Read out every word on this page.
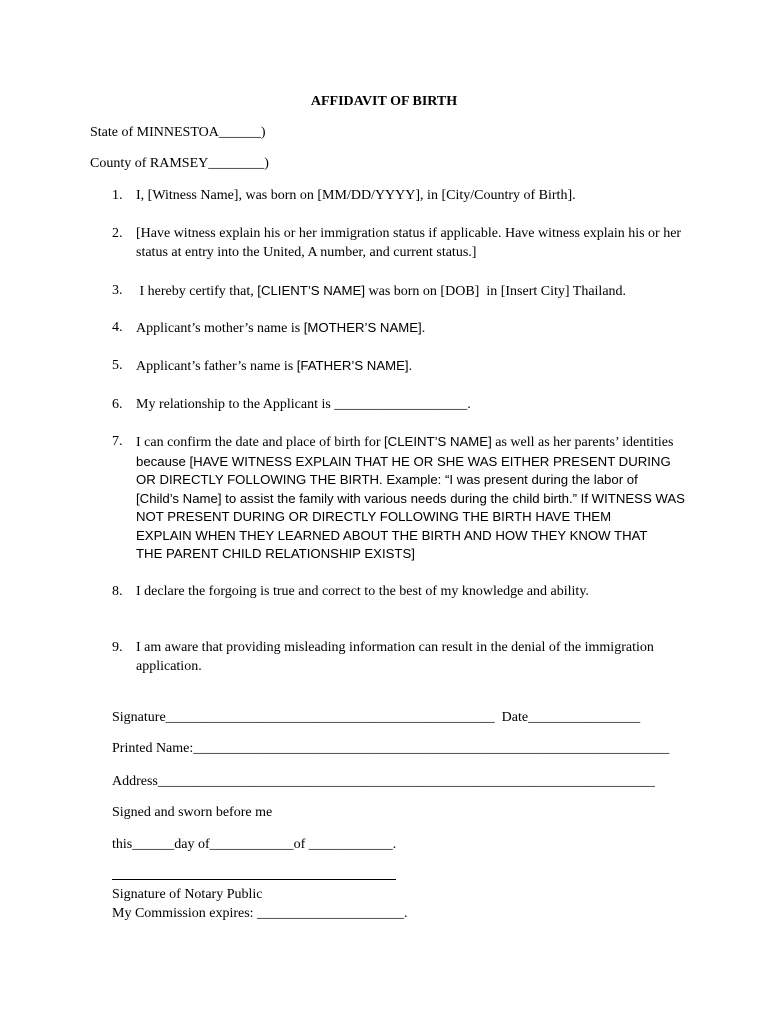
AFFIDAVIT OF BIRTH
State of MINNESTOA______)
County of RAMSEY________)
1. I, [Witness Name], was born on [MM/DD/YYYY], in [City/Country of Birth].
2. [Have witness explain his or her immigration status if applicable. Have witness explain his or her
status at entry into the United, A number, and current status.]
3. I hereby certify that, [CLIENT’S NAME] was born on [DOB]  in [Insert City] Thailand.
4. Applicant’s mother’s name is [MOTHER’S NAME].
5. Applicant’s father’s name is [FATHER’S NAME].
6. My relationship to the Applicant is ___________________.
7. I can confirm the date and place of birth for [CLEINT’S NAME] as well as her parents’ identities
because [HAVE WITNESS EXPLAIN THAT HE OR SHE WAS EITHER PRESENT DURING
OR DIRECTLY FOLLOWING THE BIRTH. Example: “I was present during the labor of
[Child’s Name] to assist the family with various needs during the child birth.” If WITNESS WAS
NOT PRESENT DURING OR DIRECTLY FOLLOWING THE BIRTH HAVE THEM
EXPLAIN WHEN THEY LEARNED ABOUT THE BIRTH AND HOW THEY KNOW THAT
THE PARENT CHILD RELATIONSHIP EXISTS]
8. I declare the forgoing is true and correct to the best of my knowledge and ability.
9. I am aware that providing misleading information can result in the denial of the immigration
application.
Signature_______________________________________________  Date________________
Printed Name:____________________________________________________________________
Address_______________________________________________________________________
Signed and sworn before me
this______day of____________of ____________.
Signature of Notary Public
My Commission expires: _____________________.
